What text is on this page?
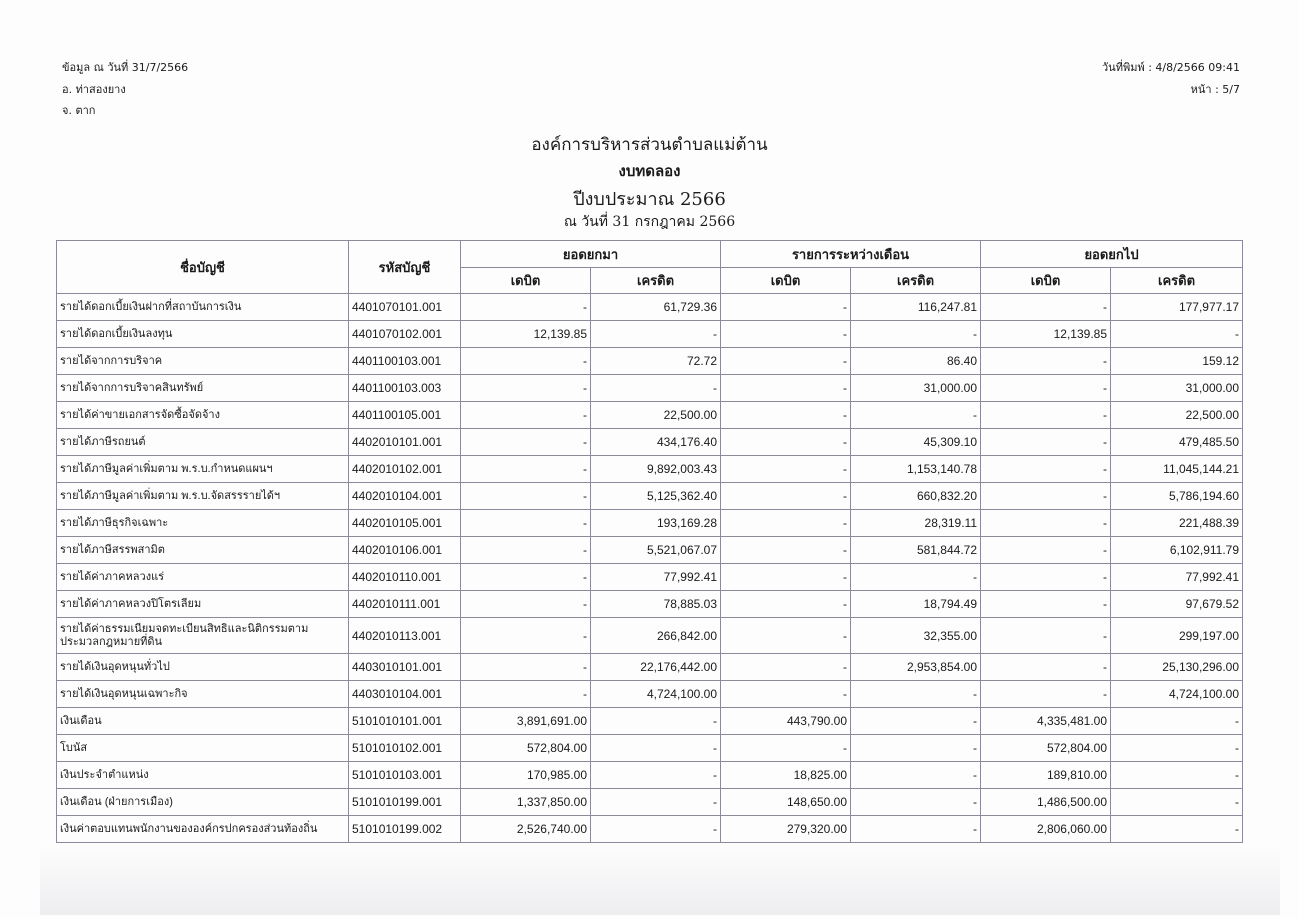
ข้อมูล ณ วันที่ 31/7/2566
อ. ท่าสองยาง
จ. ตาก
วันที่พิมพ์ : 4/8/2566 09:41
หน้า : 5/7
องค์การบริหารส่วนตำบลแม่ต้าน
งบทดลอง
ปีงบประมาณ 2566
ณ วันที่ 31 กรกฎาคม 2566
ชื่อบัญชี	รหัสบัญชี	ยอดยกมา		รายการระหว่างเดือน		ยอดยกไป	
		เดบิต	เครดิต	เดบิต	เครดิต	เดบิต	เครดิต
รายได้ดอกเบี้ยเงินฝากที่สถาบันการเงิน	4401070101.001	-	61,729.36	-	116,247.81	-	177,977.17
รายได้ดอกเบี้ยเงินลงทุน	4401070102.001	12,139.85	-	-	-	12,139.85	-
รายได้จากการบริจาค	4401100103.001	-	72.72	-	86.40	-	159.12
รายได้จากการบริจาคสินทรัพย์	4401100103.003	-	-	-	31,000.00	-	31,000.00
รายได้ค่าขายเอกสารจัดซื้อจัดจ้าง	4401100105.001	-	22,500.00	-	-	-	22,500.00
รายได้ภาษีรถยนต์	4402010101.001	-	434,176.40	-	45,309.10	-	479,485.50
รายได้ภาษีมูลค่าเพิ่มตาม พ.ร.บ.กำหนดแผนฯ	4402010102.001	-	9,892,003.43	-	1,153,140.78	-	11,045,144.21
รายได้ภาษีมูลค่าเพิ่มตาม พ.ร.บ.จัดสรรรายได้ฯ	4402010104.001	-	5,125,362.40	-	660,832.20	-	5,786,194.60
รายได้ภาษีธุรกิจเฉพาะ	4402010105.001	-	193,169.28	-	28,319.11	-	221,488.39
รายได้ภาษีสรรพสามิต	4402010106.001	-	5,521,067.07	-	581,844.72	-	6,102,911.79
รายได้ค่าภาคหลวงแร่	4402010110.001	-	77,992.41	-	-	-	77,992.41
รายได้ค่าภาคหลวงปิโตรเลียม	4402010111.001	-	78,885.03	-	18,794.49	-	97,679.52
รายได้ค่าธรรมเนียมจดทะเบียนสิทธิและนิติกรรมตามประมวลกฎหมายที่ดิน	4402010113.001	-	266,842.00	-	32,355.00	-	299,197.00
รายได้เงินอุดหนุนทั่วไป	4403010101.001	-	22,176,442.00	-	2,953,854.00	-	25,130,296.00
รายได้เงินอุดหนุนเฉพาะกิจ	4403010104.001	-	4,724,100.00	-	-	-	4,724,100.00
เงินเดือน	5101010101.001	3,891,691.00	-	443,790.00	-	4,335,481.00	-
โบนัส	5101010102.001	572,804.00	-	-	-	572,804.00	-
เงินประจำตำแหน่ง	5101010103.001	170,985.00	-	18,825.00	-	189,810.00	-
เงินเดือน (ฝ่ายการเมือง)	5101010199.001	1,337,850.00	-	148,650.00	-	1,486,500.00	-
เงินค่าตอบแทนพนักงานขององค์กรปกครองส่วนท้องถิ่น	5101010199.002	2,526,740.00	-	279,320.00	-	2,806,060.00	-
